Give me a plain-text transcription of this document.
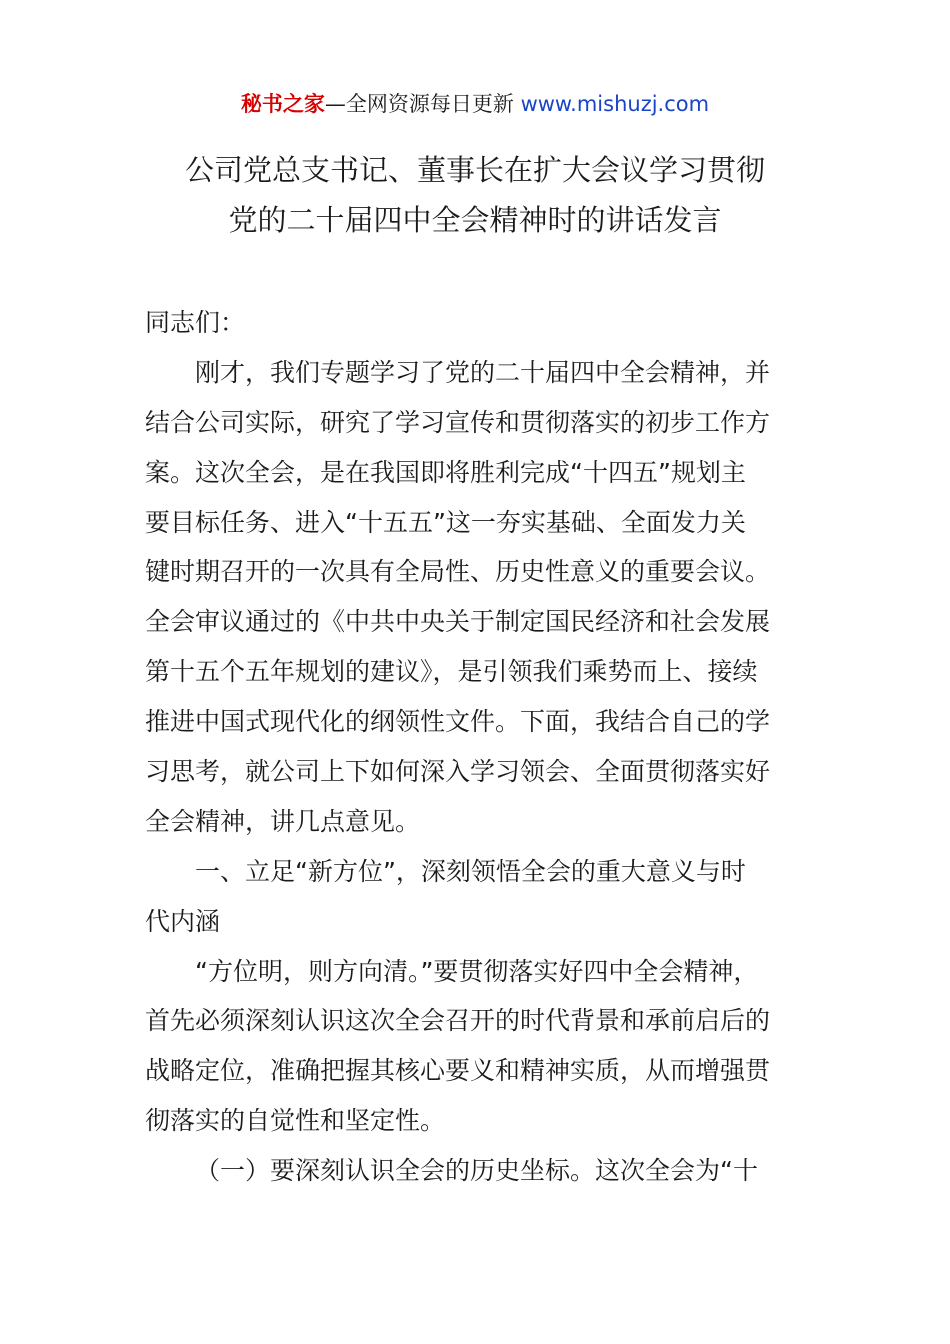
秘书之家—全网资源每日更新 www.mishuzj.com
公司党总支书记、董事长在扩大会议学习贯彻
党的二十届四中全会精神时的讲话发言
同志们：
刚才，我们专题学习了党的二十届四中全会精神，并
结合公司实际，研究了学习宣传和贯彻落实的初步工作方
案。这次全会，是在我国即将胜利完成“十四五”规划主
要目标任务、进入“十五五”这一夯实基础、全面发力关
键时期召开的一次具有全局性、历史性意义的重要会议。
全会审议通过的《中共中央关于制定国民经济和社会发展
第十五个五年规划的建议》，是引领我们乘势而上、接续
推进中国式现代化的纲领性文件。下面，我结合自己的学
习思考，就公司上下如何深入学习领会、全面贯彻落实好
全会精神，讲几点意见。
一、立足“新方位”，深刻领悟全会的重大意义与时
代内涵
“方位明，则方向清。”要贯彻落实好四中全会精神，
首先必须深刻认识这次全会召开的时代背景和承前启后的
战略定位，准确把握其核心要义和精神实质，从而增强贯
彻落实的自觉性和坚定性。
（一）要深刻认识全会的历史坐标。这次全会为“十
